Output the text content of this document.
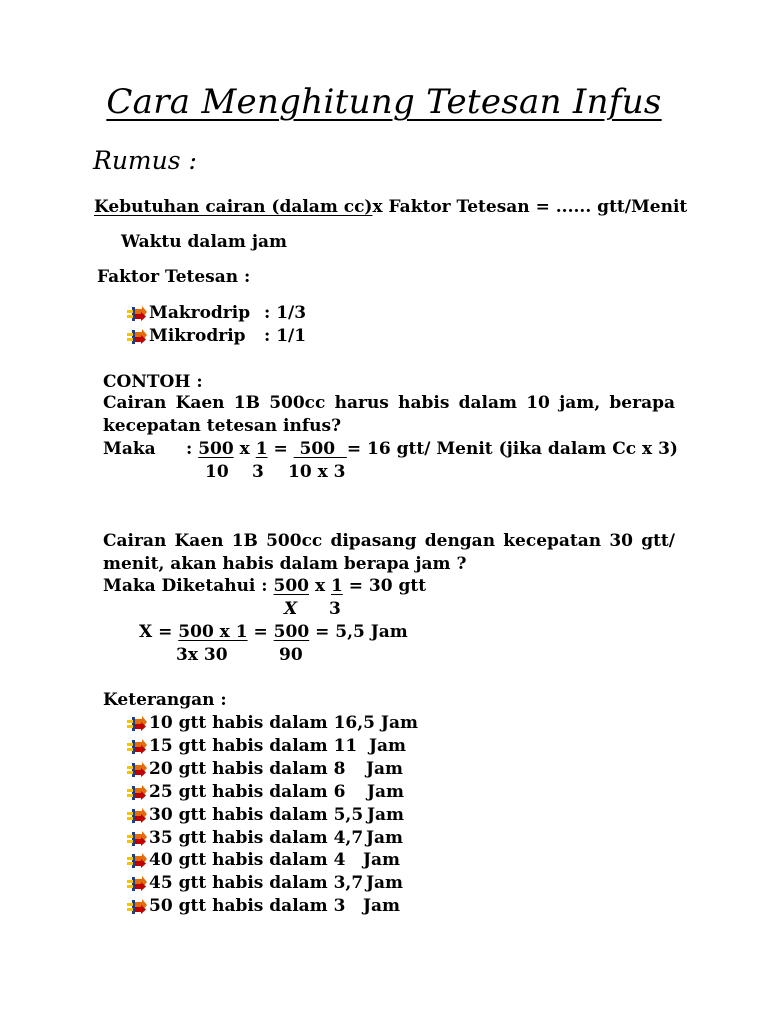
Cara Menghitung Tetesan Infus
Rumus :
Kebutuhan cairan (dalam cc)x Faktor Tetesan = ...... gtt/Menit
Waktu dalam jam
Faktor Tetesan :
Makrodrip : 1/3
Mikrodrip : 1/1
CONTOH :
Cairan Kaen 1B 500cc harus habis dalam 10 jam, berapa kecepatan tetesan infus?
Maka : 500 x 1 = 500 = 16 gtt/ Menit (jika dalam Cc x 3)
10 3 10 x 3
Cairan Kaen 1B 500cc dipasang dengan kecepatan 30 gtt/ menit, akan habis dalam berapa jam ?
Maka Diketahui : 500 x 1 = 30 gtt
X 3
X = 500 x 1 = 500 = 5,5 Jam
3x 30	90
Keterangan :
10 gtt habis dalam 16,5 Jam
15 gtt habis dalam 11 Jam
20 gtt habis dalam 8 Jam
25 gtt habis dalam 6 Jam
30 gtt habis dalam 5,5 Jam
35 gtt habis dalam 4,7 Jam
40 gtt habis dalam 4 Jam
45 gtt habis dalam 3,7 Jam
50 gtt habis dalam 3 Jam
